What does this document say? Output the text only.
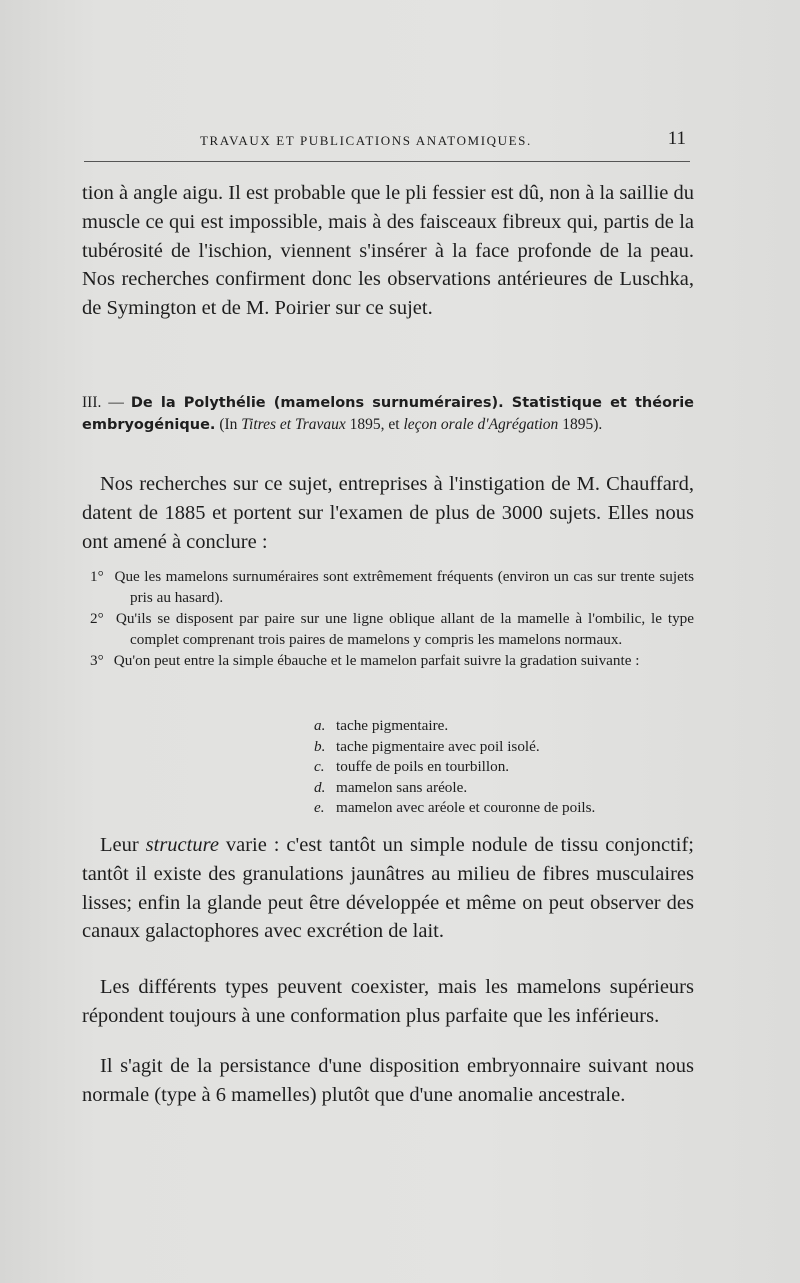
TRAVAUX ET PUBLICATIONS ANATOMIQUES.	11

tion à angle aigu. Il est probable que le pli fessier est dû, non à la saillie du muscle ce qui est impossible, mais à des faisceaux fibreux qui, partis de la tubérosité de l'ischion, viennent s'insérer à la face profonde de la peau. Nos recherches confirment donc les observations antérieures de Luschka, de Symington et de M. Poirier sur ce sujet.

III. — De la Polythélie (mamelons surnuméraires). Statistique et théorie embryogénique. (In Titres et Travaux 1895, et leçon orale d'Agrégation 1895).

Nos recherches sur ce sujet, entreprises à l'instigation de M. Chauffard, datent de 1885 et portent sur l'examen de plus de 3000 sujets. Elles nous ont amené à conclure :

1° Que les mamelons surnuméraires sont extrêmement fréquents (environ un cas sur trente sujets pris au hasard).
2° Qu'ils se disposent par paire sur une ligne oblique allant de la mamelle à l'ombilic, le type complet comprenant trois paires de mamelons y compris les mamelons normaux.
3° Qu'on peut entre la simple ébauche et le mamelon parfait suivre la gradation suivante :
a. tache pigmentaire.
b. tache pigmentaire avec poil isolé.
c. touffe de poils en tourbillon.
d. mamelon sans aréole.
e. mamelon avec aréole et couronne de poils.

Leur structure varie : c'est tantôt un simple nodule de tissu conjonctif; tantôt il existe des granulations jaunâtres au milieu de fibres musculaires lisses; enfin la glande peut être développée et même on peut observer des canaux galactophores avec excrétion de lait.

Les différents types peuvent coexister, mais les mamelons supérieurs répondent toujours à une conformation plus parfaite que les inférieurs.

Il s'agit de la persistance d'une disposition embryonnaire suivant nous normale (type à 6 mamelles) plutôt que d'une anomalie ancestrale.
